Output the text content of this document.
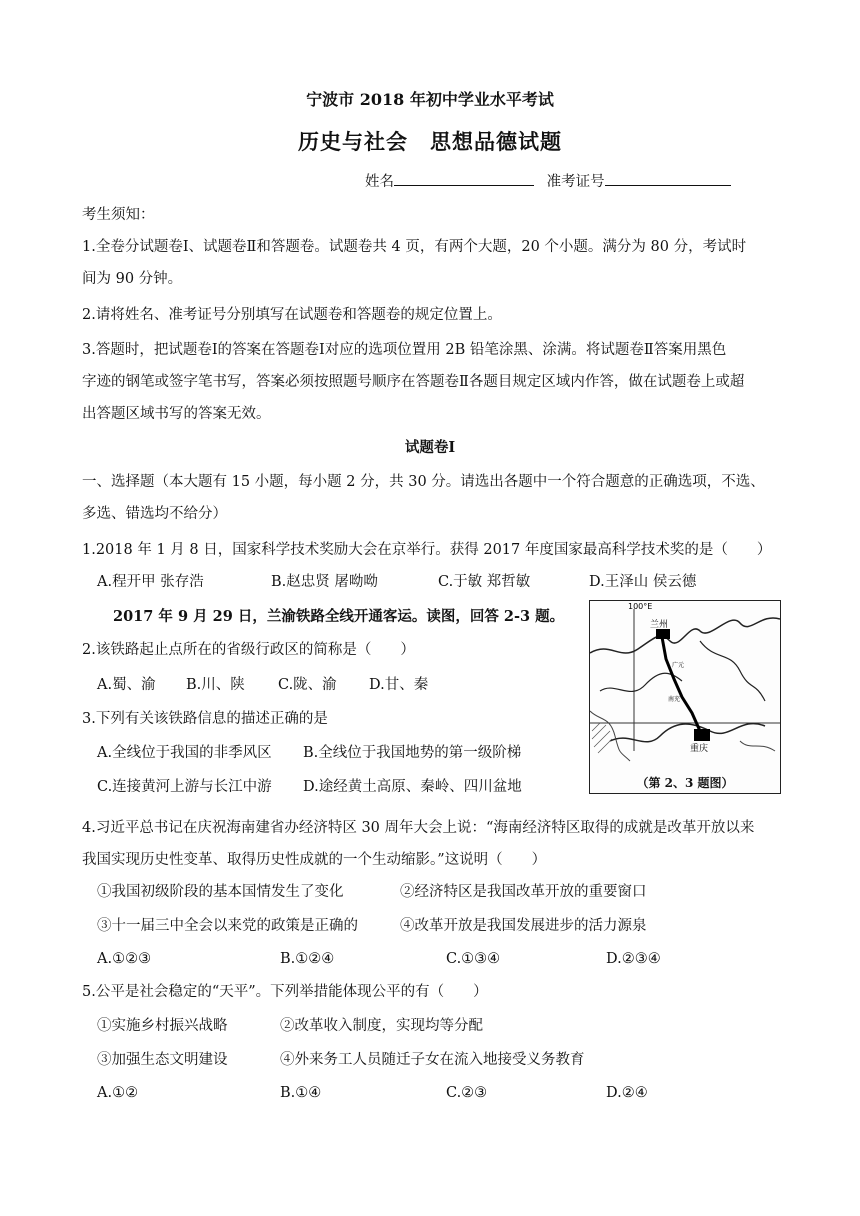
宁波市 2018 年初中学业水平考试
历史与社会　思想品德试题
姓名	准考证号
考生须知：
1.全卷分试题卷Ⅰ、试题卷Ⅱ和答题卷。试题卷共 4 页，有两个大题，20 个小题。满分为 80 分，考试时
间为 90 分钟。
2.请将姓名、准考证号分别填写在试题卷和答题卷的规定位置上。
3.答题时，把试题卷Ⅰ的答案在答题卷Ⅰ对应的选项位置用 2B 铅笔涂黑、涂满。将试题卷Ⅱ答案用黑色
字迹的钢笔或签字笔书写，答案必须按照题号顺序在答题卷Ⅱ各题目规定区域内作答，做在试题卷上或超
出答题区域书写的答案无效。
试题卷Ⅰ
一、选择题（本大题有 15 小题，每小题 2 分，共 30 分。请选出各题中一个符合题意的正确选项，不选、
多选、错选均不给分）
1.2018 年 1 月 8 日，国家科学技术奖励大会在京举行。获得 2017 年度国家最高科学技术奖的是（　　）
A.程开甲 张存浩	B.赵忠贤 屠呦呦	C.于敏 郑哲敏	D.王泽山 侯云德
2017 年 9 月 29 日，兰渝铁路全线开通客运。读图，回答 2-3 题。
2.该铁路起止点所在的省级行政区的简称是（　　）
A.蜀、渝 B.川、陕 C.陇、渝 D.甘、秦
3.下列有关该铁路信息的描述正确的是
A.全线位于我国的非季风区 B.全线位于我国地势的第一级阶梯
C.连接黄河上游与长江中游 D.途经黄土高原、秦岭、四川盆地
100°E
兰州
广元
南充
重庆
（第 2、3 题图）
4.习近平总书记在庆祝海南建省办经济特区 30 周年大会上说：“海南经济特区取得的成就是改革开放以来
我国实现历史性变革、取得历史性成就的一个生动缩影。”这说明（　　）
①我国初级阶段的基本国情发生了变化	②经济特区是我国改革开放的重要窗口
③十一届三中全会以来党的政策是正确的	④改革开放是我国发展进步的活力源泉
A.①②③	B.①②④	C.①③④	D.②③④
5.公平是社会稳定的“天平”。下列举措能体现公平的有（　　）
①实施乡村振兴战略	②改革收入制度，实现均等分配
③加强生态文明建设	④外来务工人员随迁子女在流入地接受义务教育
A.①②	B.①④	C.②③	D.②④
